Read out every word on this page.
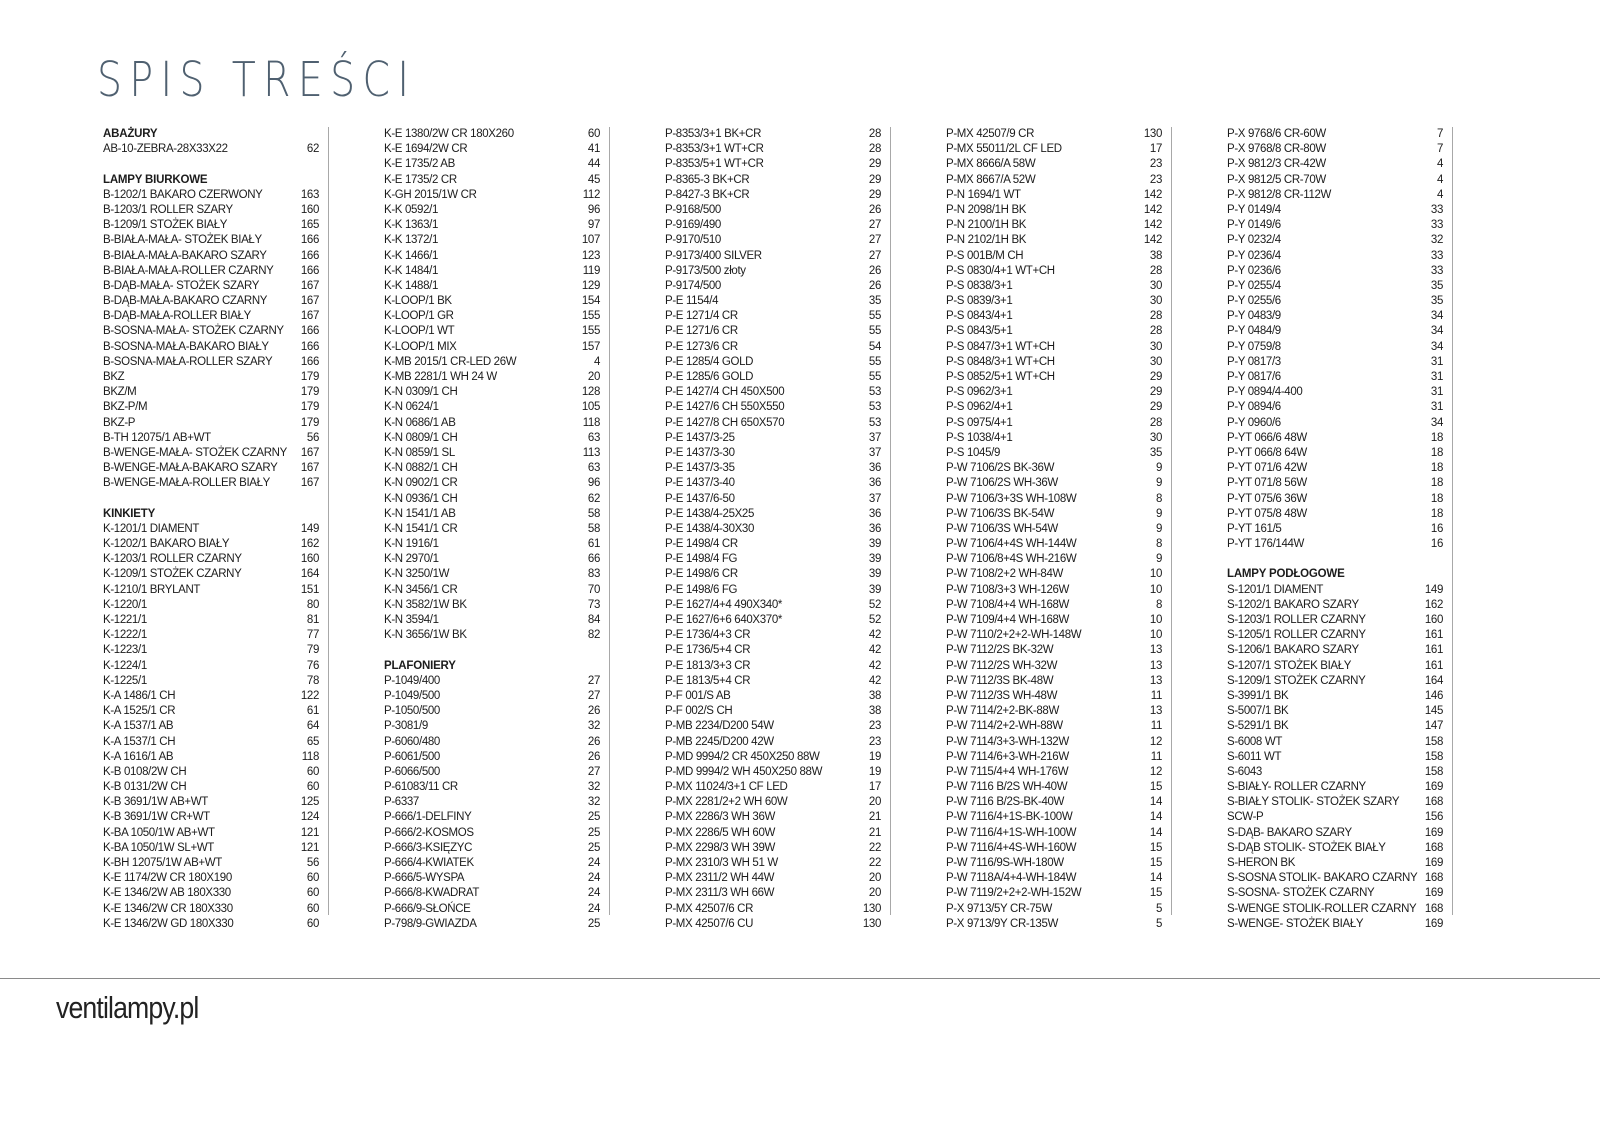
SPIS TREŚCI
ABAŻURY
AB-10-ZEBRA-28X33X22	62
LAMPY BIURKOWE
B-1202/1 BAKARO CZERWONY	163
B-1203/1 ROLLER SZARY	160
B-1209/1 STOŻEK BIAŁY	165
B-BIAŁA-MAŁA- STOŻEK BIAŁY	166
B-BIAŁA-MAŁA-BAKARO SZARY	166
B-BIAŁA-MAŁA-ROLLER CZARNY 166
B-DĄB-MAŁA- STOŻEK SZARY	167
B-DĄB-MAŁA-BAKARO CZARNY	167
B-DĄB-MAŁA-ROLLER BIAŁY	167
B-SOSNA-MAŁA- STOŻEK CZARNY 166
B-SOSNA-MAŁA-BAKARO BIAŁY	166
B-SOSNA-MAŁA-ROLLER SZARY 166
BKZ	179
BKZ/M	179
BKZ-P/M	179
BKZ-P	179
B-TH 12075/1 AB+WT	56
B-WENGE-MAŁA- STOŻEK CZARNY 167
B-WENGE-MAŁA-BAKARO SZARY 167
B-WENGE-MAŁA-ROLLER BIAŁY	167
KINKIETY
K-1201/1 DIAMENT	149
K-1202/1 BAKARO BIAŁY	162
K-1203/1 ROLLER CZARNY	160
K-1209/1 STOŻEK CZARNY	164
K-1210/1 BRYLANT	151
K-1220/1	80
K-1221/1	81
K-1222/1	77
K-1223/1	79
K-1224/1	76
K-1225/1	78
K-A 1486/1 CH	122
K-A 1525/1 CR	61
K-A 1537/1 AB	64
K-A 1537/1 CH	65
K-A 1616/1 AB	118
K-B 0108/2W CH	60
K-B 0131/2W CH	60
K-B 3691/1W AB+WT	125
K-B 3691/1W CR+WT	124
K-BA 1050/1W AB+WT	121
K-BA 1050/1W SL+WT	121
K-BH 12075/1W AB+WT	56
K-E 1174/2W CR 180X190	60
K-E 1346/2W AB 180X330	60
K-E 1346/2W CR 180X330	60
K-E 1346/2W GD 180X330	60
K-E 1380/2W CR 180X260	60
K-E 1694/2W CR	41
K-E 1735/2 AB	44
K-E 1735/2 CR	45
K-GH 2015/1W CR	112
K-K 0592/1	96
K-K 1363/1	97
K-K 1372/1	107
K-K 1466/1	123
K-K 1484/1	119
K-K 1488/1	129
K-LOOP/1 BK	154
K-LOOP/1 GR	155
K-LOOP/1 WT	155
K-LOOP/1 MIX	157
K-MB 2015/1 CR-LED 26W	4
K-MB 2281/1 WH 24 W	20
K-N 0309/1 CH	128
K-N 0624/1	105
K-N 0686/1 AB	118
K-N 0809/1 CH	63
K-N 0859/1 SL	113
K-N 0882/1 CH	63
K-N 0902/1 CR	96
K-N 0936/1 CH	62
K-N 1541/1 AB	58
K-N 1541/1 CR	58
K-N 1916/1	61
K-N 2970/1	66
K-N 3250/1W	83
K-N 3456/1 CR	70
K-N 3582/1W BK	73
K-N 3594/1	84
K-N 3656/1W BK	82
PLAFONIERY
P-1049/400	27
P-1049/500	27
P-1050/500	26
P-3081/9	32
P-6060/480	26
P-6061/500	26
P-6066/500	27
P-61083/11 CR	32
P-6337	32
P-666/1-DELFINY	25
P-666/2-KOSMOS	25
P-666/3-KSIĘZYC	25
P-666/4-KWIATEK	24
P-666/5-WYSPA	24
P-666/8-KWADRAT	24
P-666/9-SŁOŃCE	24
P-798/9-GWIAZDA	25
P-8353/3+1 BK+CR	28
P-8353/3+1 WT+CR	28
P-8353/5+1 WT+CR	29
P-8365-3 BK+CR	29
P-8427-3 BK+CR	29
P-9168/500	26
P-9169/490	27
P-9170/510	27
P-9173/400 SILVER	27
P-9173/500 złoty	26
P-9174/500	26
P-E 1154/4	35
P-E 1271/4 CR	55
P-E 1271/6 CR	55
P-E 1273/6 CR	54
P-E 1285/4 GOLD	55
P-E 1285/6 GOLD	55
P-E 1427/4 CH 450X500	53
P-E 1427/6 CH 550X550	53
P-E 1427/8 CH 650X570	53
P-E 1437/3-25	37
P-E 1437/3-30	37
P-E 1437/3-35	36
P-E 1437/3-40	36
P-E 1437/6-50	37
P-E 1438/4-25X25	36
P-E 1438/4-30X30	36
P-E 1498/4 CR	39
P-E 1498/4 FG	39
P-E 1498/6 CR	39
P-E 1498/6 FG	39
P-E 1627/4+4 490X340*	52
P-E 1627/6+6 640X370*	52
P-E 1736/4+3 CR	42
P-E 1736/5+4 CR	42
P-E 1813/3+3 CR	42
P-E 1813/5+4 CR	42
P-F 001/S AB	38
P-F 002/S CH	38
P-MB 2234/D200 54W	23
P-MB 2245/D200 42W	23
P-MD 9994/2 CR 450X250 88W	19
P-MD 9994/2 WH 450X250 88W	19
P-MX 11024/3+1 CF LED	17
P-MX 2281/2+2 WH 60W	20
P-MX 2286/3 WH 36W	21
P-MX 2286/5 WH 60W	21
P-MX 2298/3 WH 39W	22
P-MX 2310/3 WH 51 W	22
P-MX 2311/2 WH 44W	20
P-MX 2311/3 WH 66W	20
P-MX 42507/6 CR	130
P-MX 42507/6 CU	130
P-MX 42507/9 CR	130
P-MX 55011/2L CF LED	17
P-MX 8666/A 58W	23
P-MX 8667/A 52W	23
P-N 1694/1 WT	142
P-N 2098/1H BK	142
P-N 2100/1H BK	142
P-N 2102/1H BK	142
P-S 001B/M CH	38
P-S 0830/4+1 WT+CH	28
P-S 0838/3+1	30
P-S 0839/3+1	30
P-S 0843/4+1	28
P-S 0843/5+1	28
P-S 0847/3+1 WT+CH	30
P-S 0848/3+1 WT+CH	30
P-S 0852/5+1 WT+CH	29
P-S 0962/3+1	29
P-S 0962/4+1	29
P-S 0975/4+1	28
P-S 1038/4+1	30
P-S 1045/9	35
P-W 7106/2S BK-36W	9
P-W 7106/2S WH-36W	9
P-W 7106/3+3S WH-108W	8
P-W 7106/3S BK-54W	9
P-W 7106/3S WH-54W	9
P-W 7106/4+4S WH-144W	8
P-W 7106/8+4S WH-216W	9
P-W 7108/2+2 WH-84W	10
P-W 7108/3+3 WH-126W	10
P-W 7108/4+4 WH-168W	8
P-W 7109/4+4 WH-168W	10
P-W 7110/2+2+2-WH-148W	10
P-W 7112/2S BK-32W	13
P-W 7112/2S WH-32W	13
P-W 7112/3S BK-48W	13
P-W 7112/3S WH-48W	11
P-W 7114/2+2-BK-88W	13
P-W 7114/2+2-WH-88W	11
P-W 7114/3+3-WH-132W	12
P-W 7114/6+3-WH-216W	11
P-W 7115/4+4 WH-176W	12
P-W 7116 B/2S WH-40W	15
P-W 7116 B/2S-BK-40W	14
P-W 7116/4+1S-BK-100W	14
P-W 7116/4+1S-WH-100W	14
P-W 7116/4+4S-WH-160W	15
P-W 7116/9S-WH-180W	15
P-W 7118A/4+4-WH-184W	14
P-W 7119/2+2+2-WH-152W	15
P-X 9713/5Y CR-75W	5
P-X 9713/9Y CR-135W	5
P-X 9768/6 CR-60W	7
P-X 9768/8 CR-80W	7
P-X 9812/3 CR-42W	4
P-X 9812/5 CR-70W	4
P-X 9812/8 CR-112W	4
P-Y 0149/4	33
P-Y 0149/6	33
P-Y 0232/4	32
P-Y 0236/4	33
P-Y 0236/6	33
P-Y 0255/4	35
P-Y 0255/6	35
P-Y 0483/9	34
P-Y 0484/9	34
P-Y 0759/8	34
P-Y 0817/3	31
P-Y 0817/6	31
P-Y 0894/4-400	31
P-Y 0894/6	31
P-Y 0960/6	34
P-YT 066/6 48W	18
P-YT 066/8 64W	18
P-YT 071/6 42W	18
P-YT 071/8 56W	18
P-YT 075/6 36W	18
P-YT 075/8 48W	18
P-YT 161/5	16
P-YT 176/144W	16
LAMPY PODŁOGOWE
S-1201/1 DIAMENT	149
S-1202/1 BAKARO SZARY	162
S-1203/1 ROLLER CZARNY	160
S-1205/1 ROLLER CZARNY	161
S-1206/1 BAKARO SZARY	161
S-1207/1 STOŻEK BIAŁY	161
S-1209/1 STOŻEK CZARNY	164
S-3991/1 BK	146
S-5007/1 BK	145
S-5291/1 BK	147
S-6008 WT	158
S-6011 WT	158
S-6043	158
S-BIAŁY- ROLLER CZARNY	169
S-BIAŁY STOLIK- STOŻEK SZARY 168
SCW-P	156
S-DĄB- BAKARO SZARY	169
S-DĄB STOLIK- STOŻEK BIAŁY	168
S-HERON BK	169
S-SOSNA STOLIK- BAKARO CZARNY 168
S-SOSNA- STOŻEK CZARNY	169
S-WENGE STOLIK-ROLLER CZARNY 168
S-WENGE- STOŻEK BIAŁY	169

ventilampy.pl
